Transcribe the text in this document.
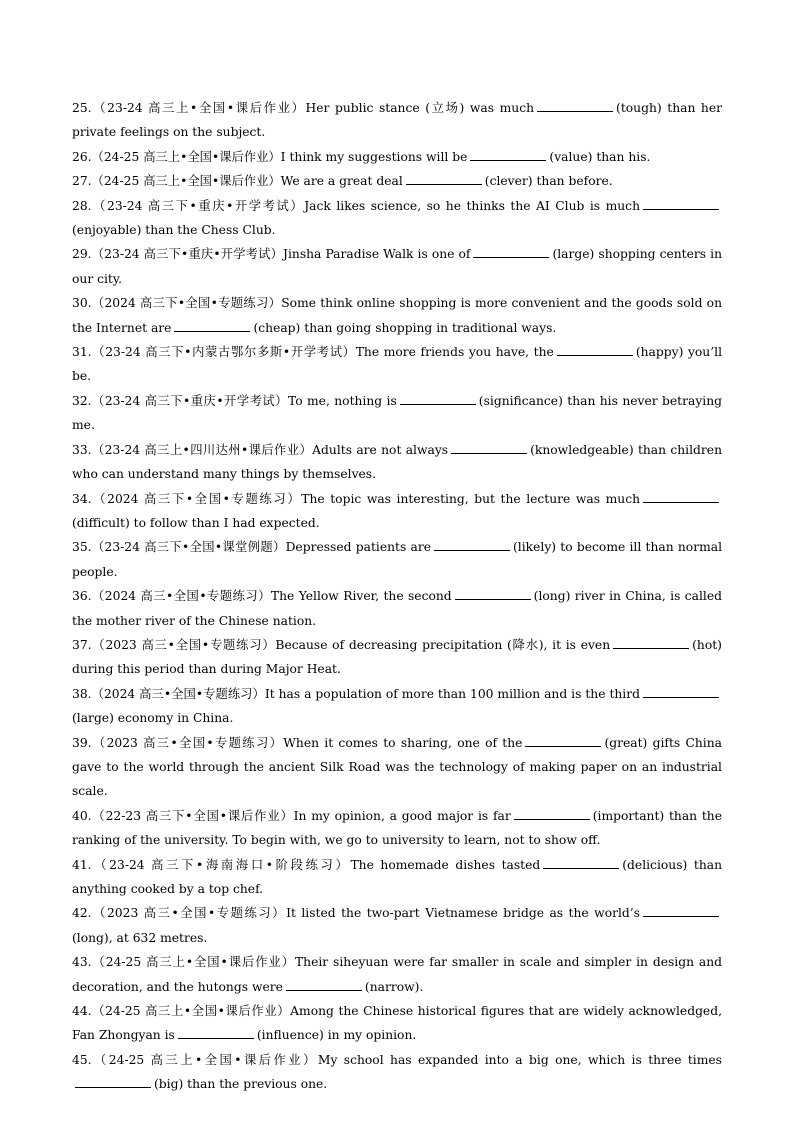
25.（23-24 高三上•全国•课后作业）Her public stance (立场) was much	(tough) than her private feelings on the subject.
26.（24-25 高三上•全国•课后作业）I think my suggestions will be	(value) than his.
27.（24-25 高三上•全国•课后作业）We are a great deal	(clever) than before.
28.（23-24 高三下•重庆•开学考试）Jack likes science, so he thinks the AI Club is much(enjoyable) than the Chess Club.
29.（23-24 高三下•重庆•开学考试）Jinsha Paradise Walk is one of	(large) shopping centers in our city.
30.（2024 高三下•全国•专题练习）Some think online shopping is more convenient and the goods sold on the Internet are	(cheap) than going shopping in traditional ways.
31.（23-24 高三下•内蒙古鄂尔多斯•开学考试）The more friends you have, the	(happy) you’ll be.
32.（23-24 高三下•重庆•开学考试）To me, nothing is	(significance) than his never betraying me.
33.（23-24 高三上•四川达州•课后作业）Adults are not always	(knowledgeable) than children who can understand many things by themselves.
34.（2024 高三下•全国•专题练习）The topic was interesting, but the lecture was much(difficult) to follow than I had expected.
35.（23-24 高三下•全国•课堂例题）Depressed patients are	(likely) to become ill than normal people.
36.（2024 高三•全国•专题练习）The Yellow River, the second	(long) river in China, is called the mother river of the Chinese nation.
37.（2023 高三•全国•专题练习）Because of decreasing precipitation (降水), it is even	(hot) during this period than during Major Heat.
38.（2024 高三•全国•专题练习）It has a population of more than 100 million and is the third(large) economy in China.
39.（2023 高三•全国•专题练习）When it comes to sharing, one of the	(great) gifts China gave to the world through the ancient Silk Road was the technology of making paper on an industrial scale.
40.（22-23 高三下•全国•课后作业）In my opinion, a good major is far	(important) than the ranking of the university. To begin with, we go to university to learn, not to show off.
41.（23-24 高三下•海南海口•阶段练习）The homemade dishes tasted	(delicious) than anything cooked by a top chef.
42.（2023 高三•全国•专题练习）It listed the two-part Vietnamese bridge as the world’s(long), at 632 metres.
43.（24-25 高三上•全国•课后作业）Their siheyuan were far smaller in scale and simpler in design and decoration, and the hutongs were	(narrow).
44.（24-25 高三上•全国•课后作业）Among the Chinese historical figures that are widely acknowledged, Fan Zhongyan is	(influence) in my opinion.
45.（24-25 高三上•全国•课后作业）My school has expanded into a big one, which is three times(big) than the previous one.
